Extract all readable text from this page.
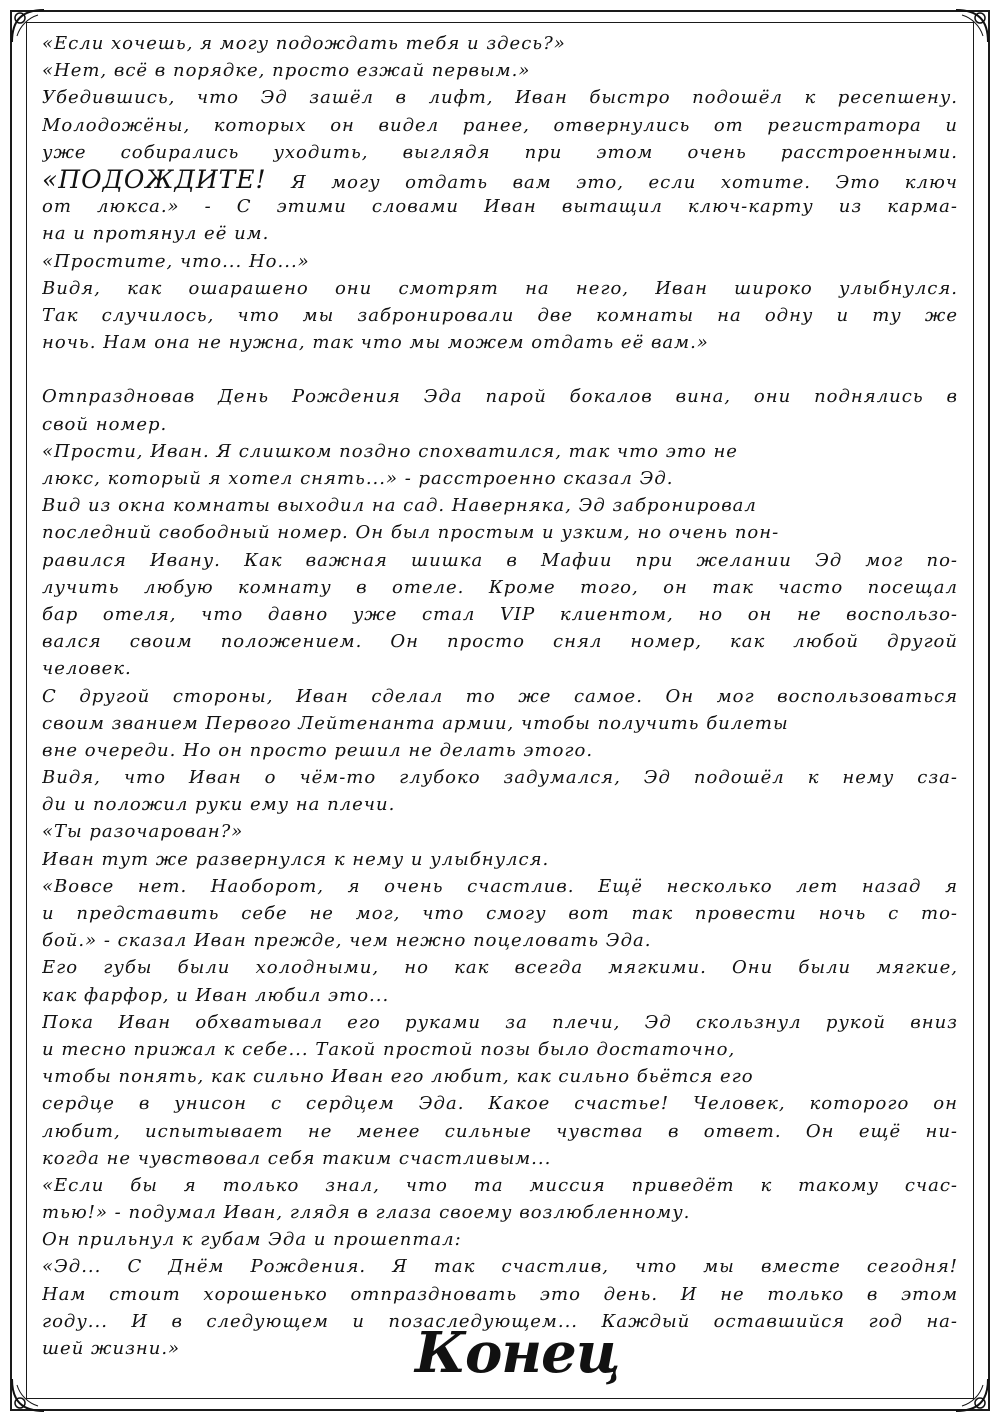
«Если хочешь, я могу подождать тебя и здесь?»
«Нет, всё в порядке, просто езжай первым.»
Убедившись, что Эд зашёл в лифт, Иван быстро подошёл к ресепшену.
Молодожёны, которых он видел ранее, отвернулись от регистратора и
уже собирались уходить, выглядя при этом очень расстроенными.
«ПОДОЖДИТЕ! Я могу отдать вам это, если хотите. Это ключ
от люкса.» - С этими словами Иван вытащил ключ-карту из карма-
на и протянул её им.
«Простите, что... Но...»
Видя, как ошарашено они смотрят на него, Иван широко улыбнулся.
Так случилось, что мы забронировали две комнаты на одну и ту же
ночь. Нам она не нужна, так что мы можем отдать её вам.»
Отпраздновав День Рождения Эда парой бокалов вина, они поднялись в
свой номер.
«Прости, Иван. Я слишком поздно спохватился, так что это не
люкс, который я хотел снять...» - расстроенно сказал Эд.
Вид из окна комнаты выходил на сад. Наверняка, Эд забронировал
последний свободный номер. Он был простым и узким, но очень пон-
равился Ивану. Как важная шишка в Мафии при желании Эд мог по-
лучить любую комнату в отеле. Кроме того, он так часто посещал
бар отеля, что давно уже стал VIP клиентом, но он не воспользо-
вался своим положением. Он просто снял номер, как любой другой
человек.
С другой стороны, Иван сделал то же самое. Он мог воспользоваться
своим званием Первого Лейтенанта армии, чтобы получить билеты
вне очереди. Но он просто решил не делать этого.
Видя, что Иван о чём-то глубоко задумался, Эд подошёл к нему сза-
ди и положил руки ему на плечи.
«Ты разочарован?»
Иван тут же развернулся к нему и улыбнулся.
«Вовсе нет. Наоборот, я очень счастлив. Ещё несколько лет назад я
и представить себе не мог, что смогу вот так провести ночь с то-
бой.» - сказал Иван прежде, чем нежно поцеловать Эда.
Его губы были холодными, но как всегда мягкими. Они были мягкие,
как фарфор, и Иван любил это...
Пока Иван обхватывал его руками за плечи, Эд скользнул рукой вниз
и тесно прижал к себе... Такой простой позы было достаточно,
чтобы понять, как сильно Иван его любит, как сильно бьётся его
сердце в унисон с сердцем Эда. Какое счастье! Человек, которого он
любит, испытывает не менее сильные чувства в ответ. Он ещё ни-
когда не чувствовал себя таким счастливым...
«Если бы я только знал, что та миссия приведёт к такому счас-
тью!» - подумал Иван, глядя в глаза своему возлюбленному.
Он прильнул к губам Эда и прошептал:
«Эд... С Днём Рождения. Я так счастлив, что мы вместе сегодня!
Нам стоит хорошенько отпраздновать это день. И не только в этом
году... И в следующем и позаследующем... Каждый оставшийся год на-
шей жизни.»	Конец
